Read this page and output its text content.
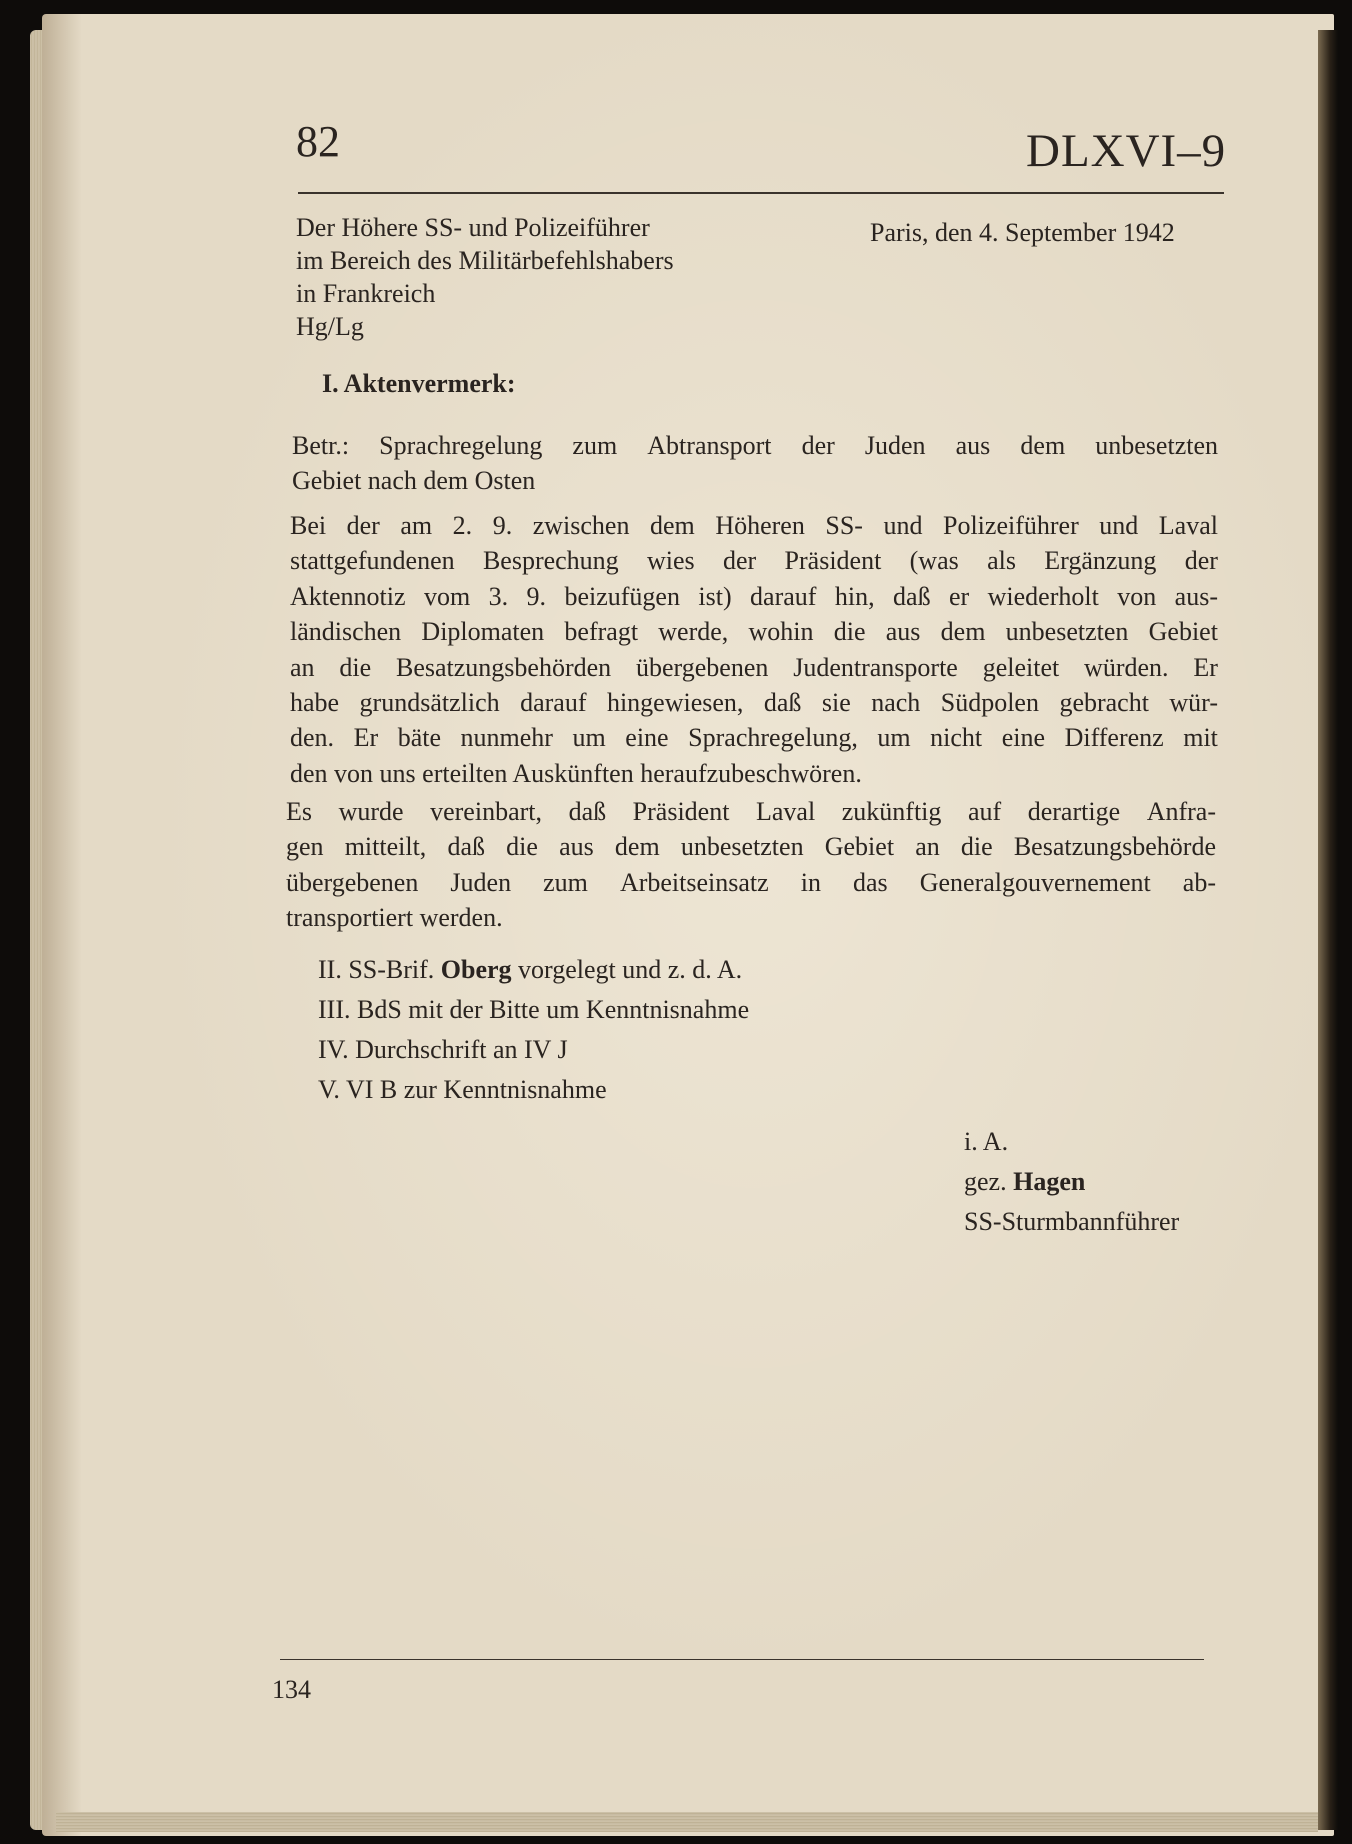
82	DLXVI–9
Der Höhere SS- und Polizeiführer
im Bereich des Militärbefehlshabers
in Frankreich
Hg/Lg
Paris, den 4. September 1942
I. Aktenvermerk:
Betr.: Sprachregelung zum Abtransport der Juden aus dem unbesetzten
Gebiet nach dem Osten
Bei der am 2. 9. zwischen dem Höheren SS- und Polizeiführer und Laval
stattgefundenen Besprechung wies der Präsident (was als Ergänzung der
Aktennotiz vom 3. 9. beizufügen ist) darauf hin, daß er wiederholt von aus-
ländischen Diplomaten befragt werde, wohin die aus dem unbesetzten Gebiet
an die Besatzungsbehörden übergebenen Judentransporte geleitet würden. Er
habe grundsätzlich darauf hingewiesen, daß sie nach Südpolen gebracht wür-
den. Er bäte nunmehr um eine Sprachregelung, um nicht eine Differenz mit
den von uns erteilten Auskünften heraufzubeschwören.
Es wurde vereinbart, daß Präsident Laval zukünftig auf derartige Anfra-
gen mitteilt, daß die aus dem unbesetzten Gebiet an die Besatzungsbehörde
übergebenen Juden zum Arbeitseinsatz in das Generalgouvernement ab-
transportiert werden.
II. SS-Brif. Oberg vorgelegt und z. d. A.
III. BdS mit der Bitte um Kenntnisnahme
IV. Durchschrift an IV J
V. VI B zur Kenntnisnahme
i. A.
gez. Hagen
SS-Sturmbannführer
134
